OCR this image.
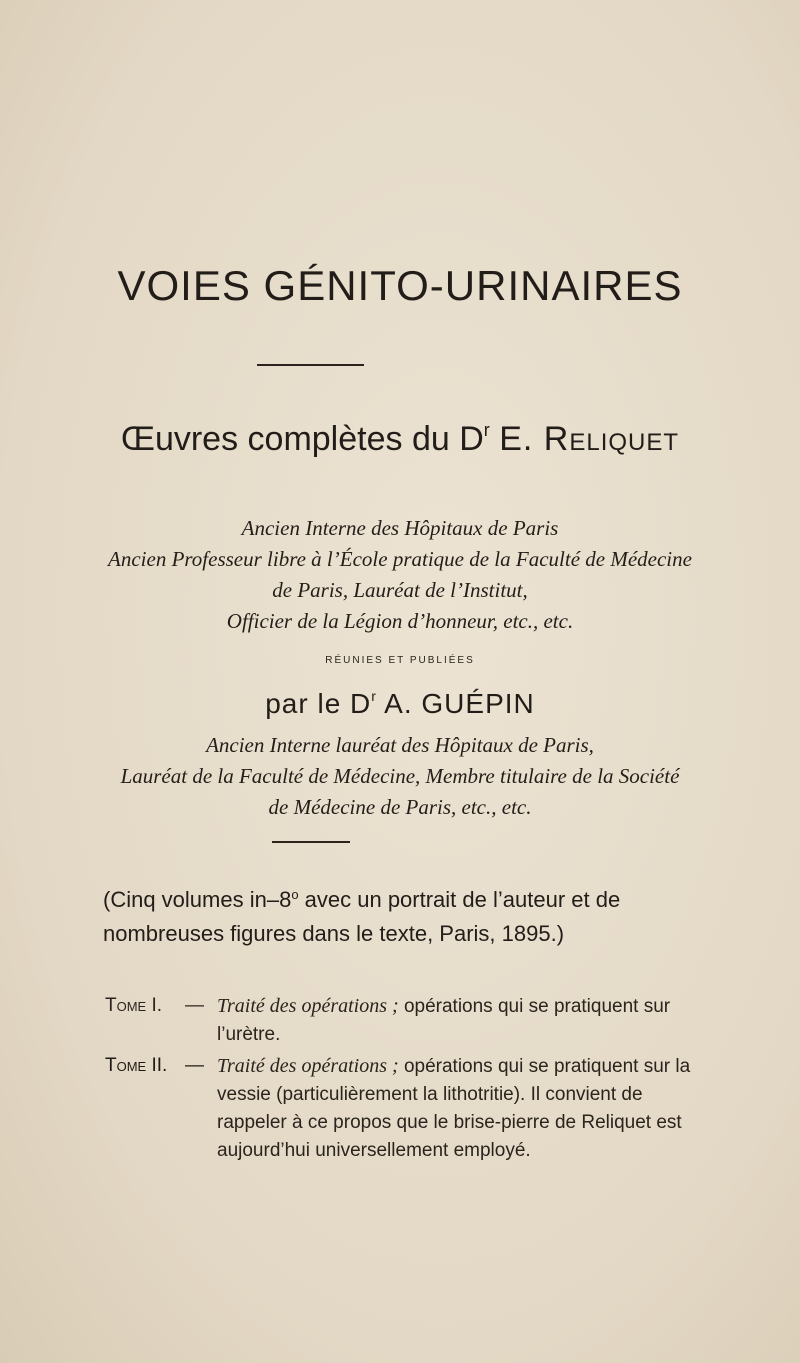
VOIES GÉNITO-URINAIRES
Œuvres complètes du $D^r$ E. Reliquet
Ancien Interne des Hôpitaux de Paris
Ancien Professeur libre à l’École pratique de la Faculté de Médecine
de Paris, Lauréat de l’Institut,
Officier de la Légion d’honneur, etc., etc.
RÉUNIES ET PUBLIÉES
par le $D^r$ A. GUÉPIN
Ancien Interne lauréat des Hôpitaux de Paris,
Lauréat de la Faculté de Médecine, Membre titulaire de la Société
de Médecine de Paris, etc., etc.
(Cinq volumes in–8$^o$ avec un portrait de l’auteur et de nombreuses figures dans le texte, Paris, 1895.)
Tome I. — Traité des opérations ; opérations qui se pratiquent sur l’urètre.
Tome II. — Traité des opérations ; opérations qui se pratiquent sur la vessie (particulièrement la lithotritie). Il convient de rappeler à ce propos que le brise-pierre de Reliquet est aujourd’hui universellement employé.
